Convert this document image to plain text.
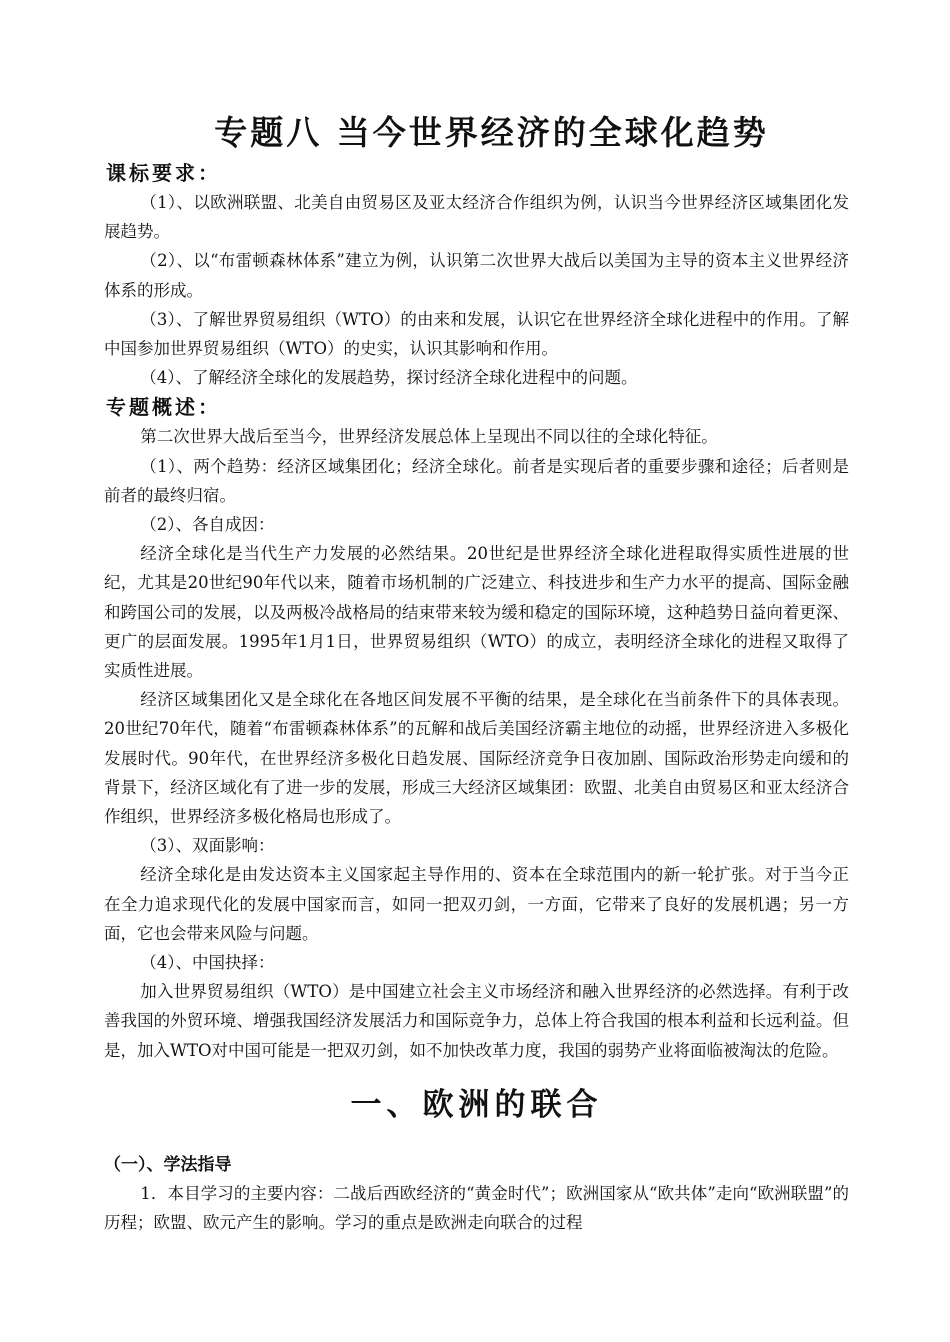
专题八 当今世界经济的全球化趋势
课标要求：

（1）、以欧洲联盟、北美自由贸易区及亚太经济合作组织为例，认识当今世界经济区域集团化发展趋势。

（2）、以“布雷顿森林体系”建立为例，认识第二次世界大战后以美国为主导的资本主义世界经济体系的形成。

（3）、了解世界贸易组织（WTO）的由来和发展，认识它在世界经济全球化进程中的作用。了解中国参加世界贸易组织（WTO）的史实，认识其影响和作用。

（4）、了解经济全球化的发展趋势，探讨经济全球化进程中的问题。

专题概述：

第二次世界大战后至当今，世界经济发展总体上呈现出不同以往的全球化特征。

（1）、两个趋势：经济区域集团化；经济全球化。前者是实现后者的重要步骤和途径；后者则是前者的最终归宿。

（2）、各自成因：

经济全球化是当代生产力发展的必然结果。20世纪是世界经济全球化进程取得实质性进展的世纪，尤其是20世纪90年代以来，随着市场机制的广泛建立、科技进步和生产力水平的提高、国际金融和跨国公司的发展，以及两极冷战格局的结束带来较为缓和稳定的国际环境，这种趋势日益向着更深、更广的层面发展。1995年1月1日，世界贸易组织（WTO）的成立，表明经济全球化的进程又取得了实质性进展。

经济区域集团化又是全球化在各地区间发展不平衡的结果，是全球化在当前条件下的具体表现。20世纪70年代，随着“布雷顿森林体系”的瓦解和战后美国经济霸主地位的动摇，世界经济进入多极化发展时代。90年代，在世界经济多极化日趋发展、国际经济竞争日夜加剧、国际政治形势走向缓和的背景下，经济区域化有了进一步的发展，形成三大经济区域集团：欧盟、北美自由贸易区和亚太经济合作组织，世界经济多极化格局也形成了。

（3）、双面影响：

经济全球化是由发达资本主义国家起主导作用的、资本在全球范围内的新一轮扩张。对于当今正在全力追求现代化的发展中国家而言，如同一把双刃剑，一方面，它带来了良好的发展机遇；另一方面，它也会带来风险与问题。

（4）、中国抉择：

加入世界贸易组织（WTO）是中国建立社会主义市场经济和融入世界经济的必然选择。有利于改善我国的外贸环境、增强我国经济发展活力和国际竞争力，总体上符合我国的根本利益和长远利益。但是，加入WTO对中国可能是一把双刃剑，如不加快改革力度，我国的弱势产业将面临被淘汰的危险。

一、欧洲的联合
（一）、学法指导

1．本目学习的主要内容：二战后西欧经济的“黄金时代”；欧洲国家从“欧共体”走向“欧洲联盟”的历程；欧盟、欧元产生的影响。学习的重点是欧洲走向联合的过程
